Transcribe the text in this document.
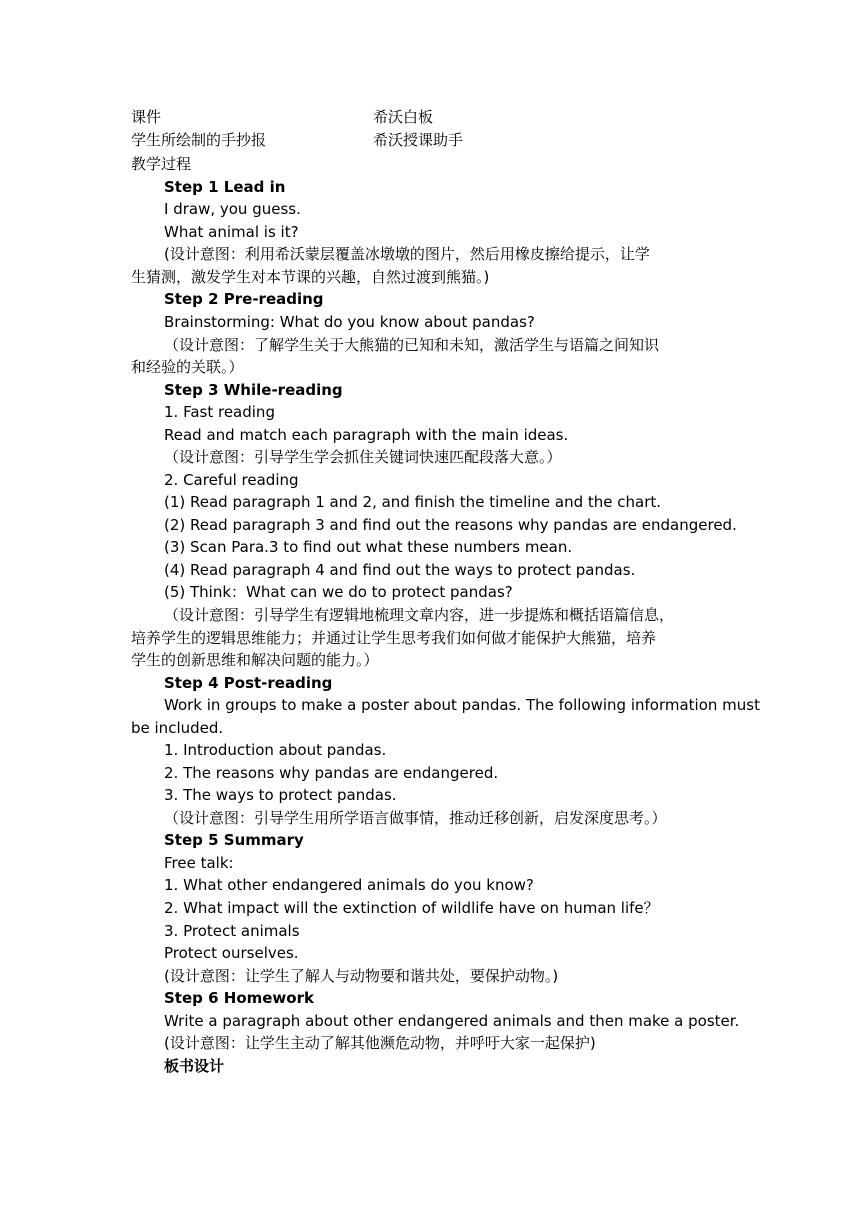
课件	希沃白板
学生所绘制的手抄报	希沃授课助手
教学过程
Step 1 Lead in
I draw, you guess.
What animal is it?
(设计意图：利用希沃蒙层覆盖冰墩墩的图片，然后用橡皮擦给提示，让学
生猜测，激发学生对本节课的兴趣，自然过渡到熊猫。)
Step 2 Pre-reading
Brainstorming: What do you know about pandas?
（设计意图：了解学生关于大熊猫的已知和未知，激活学生与语篇之间知识
和经验的关联。）
Step 3 While-reading
1. Fast reading
Read and match each paragraph with the main ideas.
（设计意图：引导学生学会抓住关键词快速匹配段落大意。）
2. Careful reading
(1) Read paragraph 1 and 2, and finish the timeline and the chart.
(2) Read paragraph 3 and find out the reasons why pandas are endangered.
(3) Scan Para.3 to find out what these numbers mean.
(4) Read paragraph 4 and find out the ways to protect pandas.
(5) Think：What can we do to protect pandas?
（设计意图：引导学生有逻辑地梳理文章内容，进一步提炼和概括语篇信息，
培养学生的逻辑思维能力；并通过让学生思考我们如何做才能保护大熊猫，培养
学生的创新思维和解决问题的能力。）
Step 4 Post-reading
Work in groups to make a poster about pandas. The following information must
be included.
1. Introduction about pandas.
2. The reasons why pandas are endangered.
3. The ways to protect pandas.
（设计意图：引导学生用所学语言做事情，推动迁移创新，启发深度思考。）
Step 5 Summary
Free talk:
1. What other endangered animals do you know?
2. What impact will the extinction of wildlife have on human life？
3. Protect animals
Protect ourselves.
(设计意图：让学生了解人与动物要和谐共处，要保护动物。)
Step 6 Homework
Write a paragraph about other endangered animals and then make a poster.
(设计意图：让学生主动了解其他濒危动物，并呼吁大家一起保护)
板书设计
